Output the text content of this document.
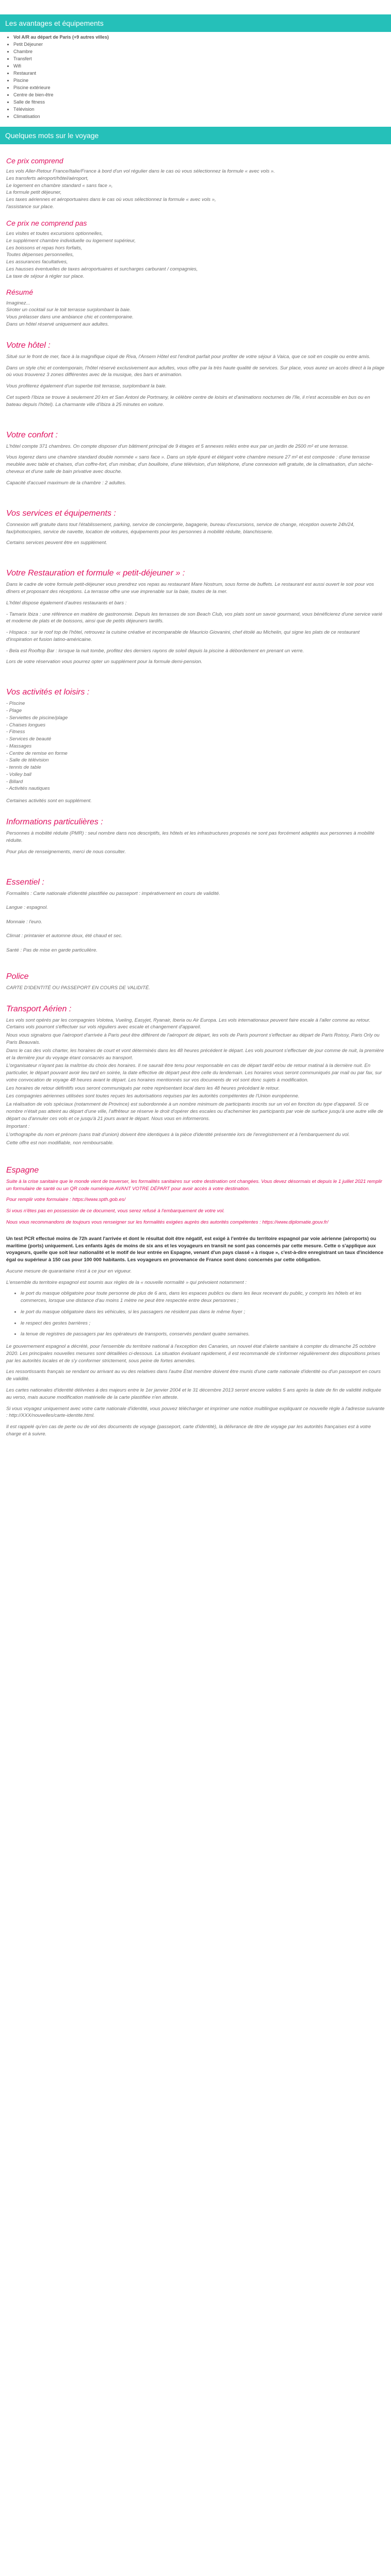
Les avantages et équipements
• Vol A/R au départ de Paris (+9 autres villes)
• Petit Déjeuner
• Chambre
• Transfert
• Wifi
• Restaurant
• Piscine
• Piscine extérieure
• Centre de bien-être
• Salle de fitness
• Télévision
• Climatisation
Quelques mots sur le voyage
Ce prix comprend

Les vols Aller-Retour France/Italie/France à bord d'un vol régulier dans le cas où vous sélectionnez la formule « avec vols ».

Les transferts aéroport/hôtel/aéroport,

Le logement en chambre standard « sans face »,

La formule petit déjeuner,

Les taxes aériennes et aéroportuaires dans le cas où vous sélectionnez la formule « avec vols »,

l'assistance sur place.

Ce prix ne comprend pas

Les visites et toutes excursions optionnelles,

Le supplément chambre individuelle ou logement supérieur,

Les boissons et repas hors forfaits,

Toutes dépenses personnelles,

Les assurances facultatives,

Les hausses éventuelles de taxes aéroportuaires et surcharges carburant / compagnies,

La taxe de séjour à régler sur place.

Résumé

Imaginez...

Siroter un cocktail sur le toit terrasse surplombant la baie.

Vous prélasser dans une ambiance chic et contemporaine.

Dans un hôtel réservé uniquement aux adultes.

Votre hôtel :

Situé sur le front de mer, face à la magnifique ciqué de Riva, l'Ansem Hôtel est l'endroit parfait pour profiter de votre séjour à Vaica, que ce soit en couple ou entre amis.

Dans un style chic et contemporain, l'hôtel réservé exclusivement aux adultes, vous offre par la très haute qualité de services. Sur place, vous aurez un accès direct à la plage où vous trouverez 3 zones différentes avec de la musique, des bars et animation.

Vous profiterez également d'un superbe toit terrasse, surplombant la baie.

Cet superb l'Ibiza se trouve à seulement 20 km et San Antoni de Portmany, le célèbre centre de loisirs et d'animations nocturnes de l'île, il n'est accessible en bus ou en bateau depuis l'hôtel). La charmante ville d'Ibiza à 25 minutes en voiture.

Votre confort :

L'hôtel compte 371 chambres. On compte disposer d'un bâtiment principal de 9 étages et 5 annexes reliés entre eux par un jardin de 2500 m² et une terrasse.

Vous logerez dans une chambre standard double nommée « sans face ». Dans un style épuré et élégant votre chambre mesure 27 m² et est composée : d'une terrasse meublée avec table et chaises, d'un coffre-fort, d'un minibar, d'un bouilloire, d'une télévision, d'un téléphone, d'une connexion wifi gratuite, de la climatisation, d'un sèche-cheveux et d'une salle de bain privative avec douche.

Capacité d'accueil maximum de la chambre : 2 adultes.

Vos services et équipements :

Connexion wifi gratuite dans tout l'établissement, parking, service de conciergerie, bagagerie, bureau d'excursions, service de change, réception ouverte 24h/24, fax/photocopies, service de navette, location de voitures, équipements pour les personnes à mobilité réduite, blanchisserie.

Certains services peuvent être en supplément.

Votre Restauration et formule « petit-déjeuner » :

Dans le cadre de votre formule petit-déjeuner vous prendrez vos repas au restaurant Mare Nostrum, sous forme de buffets. Le restaurant est aussi ouvert le soir pour vos dîners et proposant des réceptions. La terrasse offre une vue imprenable sur la baie, toutes de la mer.

L'hôtel dispose également d'autres restaurants et bars :

- Tamarix Ibiza : une référence en matière de gastronomie. Depuis les terrasses de son Beach Club, vos plats sont un savoir gourmand, vous bénéficierez d'une service varié et moderne de plats et de boissons, ainsi que de petits déjeuners tardifs.

- Hispaca : sur le roof top de l'hôtel, retrouvez la cuisine créative et incomparable de Mauricio Giovanini, chef étoilé au Michelin, qui signe les plats de ce restaurant d'inspiration et fusion latino-américaine.

- Bela est Rooftop Bar : lorsque la nuit tombe, profitez des derniers rayons de soleil depuis la piscine à débordement en prenant un verre.

Lors de votre réservation vous pourrez opter un supplément pour la formule demi-pension.

Vos activités et loisirs :

- Piscine

- Plage

- Serviettes de piscine/plage

- Chaises longues

- Fitness

- Services de beauté

- Massages

- Centre de remise en forme

- Salle de télévision

- tennis de table

- Volley ball

- Billard

- Activités nautiques

Certaines activités sont en supplément.

Informations particulières :

Personnes à mobilité réduite (PMR) : seul nombre dans nos descriptifs, les hôtels et les infrastructures proposés ne sont pas forcément adaptés aux personnes à mobilité réduite.

Pour plus de renseignements, merci de nous consulter.

Essentiel :

Formalités : Carte nationale d'identité plastifiée ou passeport : impérativement en cours de validité.

Langue : espagnol.

Monnaie : l'euro.

Climat : printanier et automne doux, été chaud et sec.

Santé : Pas de mise en garde particulière.

Police

CARTE D'IDENTITÉ OU PASSEPORT EN COURS DE VALIDITÉ.

Transport Aérien :

Les vols sont opérés par les compagnies Volotea, Vueling, Easyjet, Ryanair, Iberia ou Air Europa. Les vols internationaux peuvent faire escale à l'aller comme au retour. Certains vols pourront s'effectuer sur vols réguliers avec escale et changement d'appareil.

Nous vous signalons que l'aéroport d'arrivée à Paris peut être différent de l'aéroport de départ, les vols de Paris pourront s'effectuer au départ de Paris Roissy, Paris Orly ou Paris Beauvais.

Dans le cas des vols charter, les horaires de court et vont déterminés dans les 48 heures précédent le départ. Les vols pourront s'effectuer de jour comme de nuit, la première et la dernière jour du voyage étant consacrés au transport.

L'organisateur n'ayant pas la maîtrise du choix des horaires. Il ne saurait être tenu pour responsable en cas de départ tardif et/ou de retour matinal à la dernière nuit. En particulier, le départ pouvant avoir lieu tard en soirée, la date effective de départ peut être celle du lendemain. Les horaires vous seront communiqués par mail ou par fax, sur votre convocation de voyage 48 heures avant le départ. Les horaires mentionnés sur vos documents de vol sont donc sujets à modification.

Les horaires de retour définitifs vous seront communiqués par notre représentant local dans les 48 heures précédant le retour.

Les compagnies aériennes utilisées sont toutes reçues les autorisations requises par les autorités compétentes de l'Union européenne.

La réalisation de vols spéciaux (notamment de Province) est subordonnée à un nombre minimum de participants inscrits sur un vol en fonction du type d'appareil. Si ce nombre n'était pas atteint au départ d'une ville, l'affrêteur se réserve le droit d'opérer des escales ou d'acheminer les participants par voie de surface jusqu'à une autre ville de départ ou d'annuler ces vols et ce jusqu'à 21 jours avant le départ. Nous vous en informerons.

Important :

L'orthographe du nom et prénom (sans trait d'union) doivent être identiques à la pièce d'identité présentée lors de l'enregistrement et à l'embarquement du vol.

Cette offre est non modifiable, non remboursable.

Espagne

Suite à la crise sanitaire que le monde vient de traverser, les formalités sanitaires sur votre destination ont changées. Vous devez désormais et depuis le 1 juillet 2021 remplir un formulaire de santé ou un QR code numérique AVANT VOTRE DÉPART pour avoir accès à votre destination.

Pour remplir votre formulaire : https://www.spth.gob.es/

Si vous n'êtes pas en possession de ce document, vous serez refusé à l'embarquement de votre vol.

Nous vous recommandons de toujours vous renseigner sur les formalités exigées auprès des autorités compétentes : https://www.diplomatie.gouv.fr/

Un test PCR effectué moins de 72h avant l'arrivée et dont le résultat doit être négatif, est exigé à l'entrée du territoire espagnol par voie aérienne (aéroports) ou maritime (ports) uniquement. Les enfants âgés de moins de six ans et les voyageurs en transit ne sont pas concernés par cette mesure. Cette o s'applique aux voyageurs, quelle que soit leur nationalité et le motif de leur entrée en Espagne, venant d'un pays classé « à risque », c'est-à-dire enregistrant un taux d'incidence égal ou supérieur à 150 cas pour 100 000 habitants. Les voyageurs en provenance de France sont donc concernés par cette obligation.

Aucune mesure de quarantaine n'est à ce jour en vigueur.

L'ensemble du territoire espagnol est soumis aux règles de la « nouvelle normalité » qui prévoient notamment :

• le port du masque obligatoire pour toute personne de plus de 6 ans, dans les espaces publics ou dans les lieux recevant du public, y compris les hôtels et les commerces, lorsque une distance d'au moins 1 mètre ne peut être respectée entre deux personnes ;
• le port du masque obligatoire dans les véhicules, si les passagers ne résident pas dans le même foyer ;
• le respect des gestes barrières ;
• la tenue de registres de passagers par les opérateurs de transports, conservés pendant quatre semaines.

Le gouvernement espagnol a décrété, pour l'ensemble du territoire national à l'exception des Canaries, un nouvel état d'alerte sanitaire à compter du dimanche 25 octobre 2020. Les principales nouvelles mesures sont détaillées ci-dessous. La situation évoluant rapidement, il est recommandé de s'informer régulièrement des dispositions prises par les autorités locales et de s'y conformer strictement, sous peine de fortes amendes.

Les ressortissants français se rendant ou arrivant au vu des relatives dans l'autre Etat membre doivent être munis d'une carte nationale d'identité ou d'un passeport en cours de validité.

Les cartes nationales d'identité délivrées à des majeurs entre le 1er janvier 2004 et le 31 décembre 2013 seront encore valides 5 ans après la date de fin de validité indiquée au verso, mais aucune modification matérielle de la carte plastifiée n'en atteste.

Si vous voyagez uniquement avec votre carte nationale d'identité, vous pouvez télécharger et imprimer une notice multilingue expliquant ce nouvelle règle à l'adresse suivante : http://XXX/nouvelles/carte-identite.html.

Il est rappelé qu'en cas de perte ou de vol des documents de voyage (passeport, carte d'identité), la délivrance de titre de voyage par les autorités françaises est à votre charge et à suivre.
